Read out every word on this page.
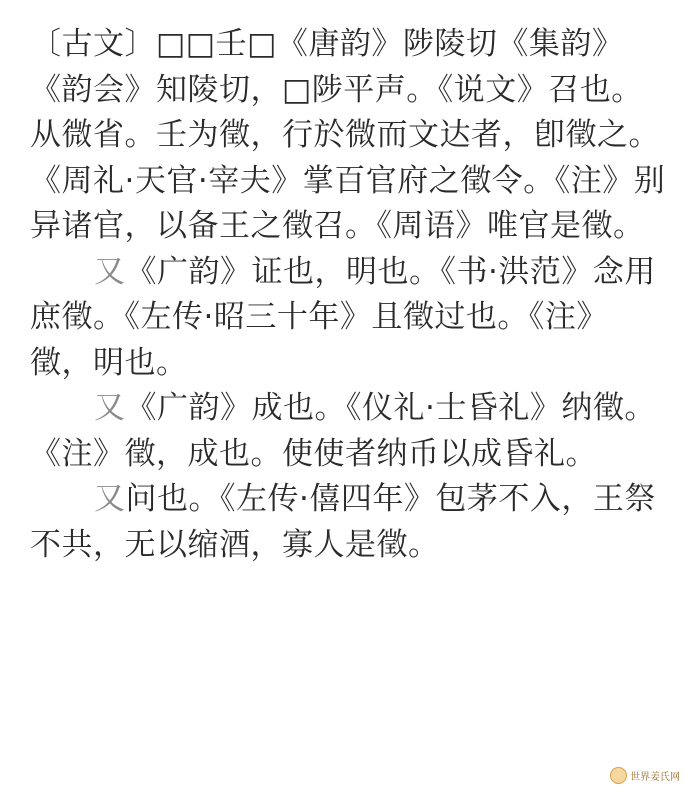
〔古文〕□□壬□《唐韵》陟陵切《集韵》《韵会》知陵切，□陟平声。《说文》召也。从微省。壬为徵，行於微而文达者，卽徵之。《周礼·天官·宰夫》掌百官府之徵令。《注》别异诸官，以备王之徵召。《周语》唯官是徵。

又《广韵》证也，明也。《书·洪范》念用庶徵。《左传·昭三十年》且徵过也。《注》徵，明也。

又《广韵》成也。《仪礼·士昏礼》纳徵。《注》徵，成也。使使者纳币以成昏礼。

又问也。《左传·僖四年》包茅不入，王祭不共，无以缩酒，寡人是徵。

世界姜氏网
